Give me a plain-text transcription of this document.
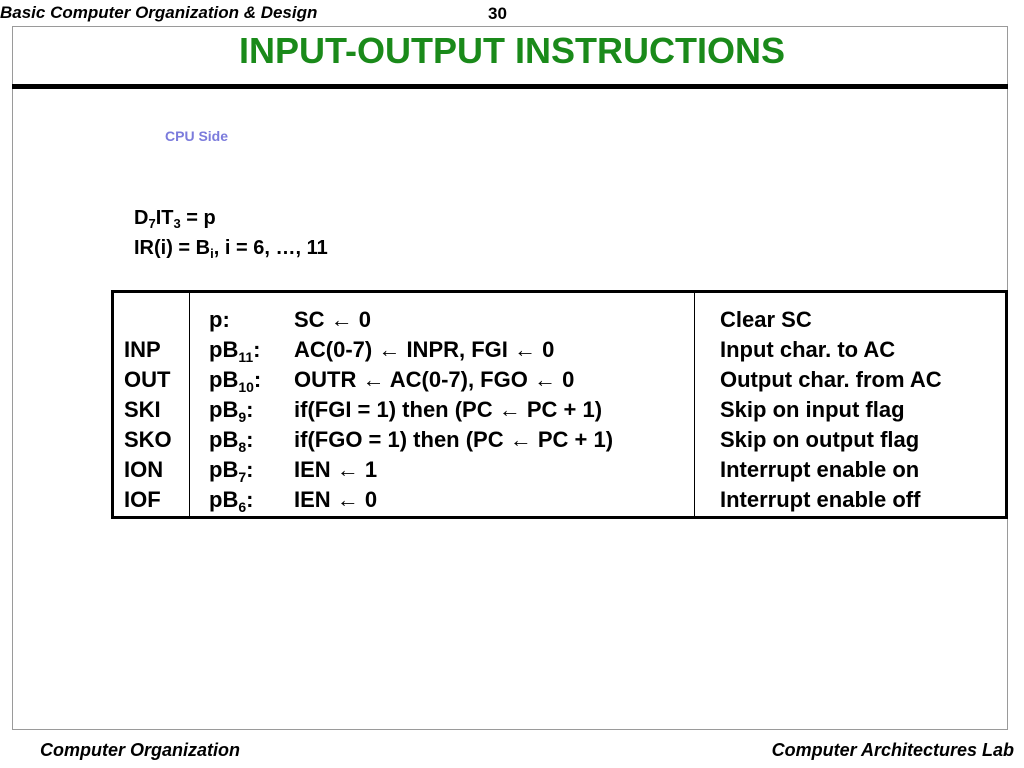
Basic Computer Organization & Design	30
INPUT-OUTPUT INSTRUCTIONS
CPU Side
$D_7IT_3 = p$
$IR(i) = B_i$, i = 6, …, 11
INP
OUT
SKI
SKO
ION
IOF
p:
$pB_{11}$:
$pB_{10}$:
$pB_9$:
$pB_8$:
$pB_7$:
$pB_6$:
SC ← 0
AC(0-7) ← INPR, FGI ← 0
OUTR ← AC(0-7), FGO ← 0
if(FGI = 1) then (PC ← PC + 1)
if(FGO = 1) then (PC ← PC + 1)
IEN ← 1
IEN ← 0
Clear SC
Input char. to AC
Output char. from AC
Skip on input flag
Skip on output flag
Interrupt enable on
Interrupt enable off
Computer Organization	Computer Architectures Lab
